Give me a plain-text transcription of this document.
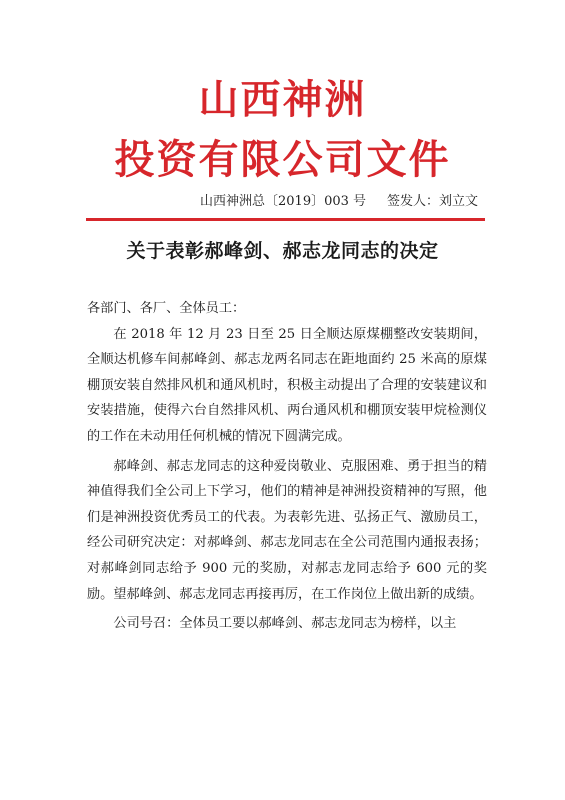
山西神洲
投资有限公司文件
山西神洲总〔2019〕003 号 签发人：刘立文
关于表彰郝峰剑、郝志龙同志的决定

各部门、各厂、全体员工：

在 2018 年 12 月 23 日至 25 日全顺达原煤棚整改安装期间，全顺达机修车间郝峰剑、郝志龙两名同志在距地面约 25 米高的原煤棚顶安装自然排风机和通风机时，积极主动提出了合理的安装建议和安装措施，使得六台自然排风机、两台通风机和棚顶安装甲烷检测仪的工作在未动用任何机械的情况下圆满完成。

郝峰剑、郝志龙同志的这种爱岗敬业、克服困难、勇于担当的精神值得我们全公司上下学习，他们的精神是神洲投资精神的写照，他们是神洲投资优秀员工的代表。为表彰先进、弘扬正气、激励员工，经公司研究决定：对郝峰剑、郝志龙同志在全公司范围内通报表扬；对郝峰剑同志给予 900 元的奖励，对郝志龙同志给予 600 元的奖励。望郝峰剑、郝志龙同志再接再厉，在工作岗位上做出新的成绩。

公司号召：全体员工要以郝峰剑、郝志龙同志为榜样，以主
